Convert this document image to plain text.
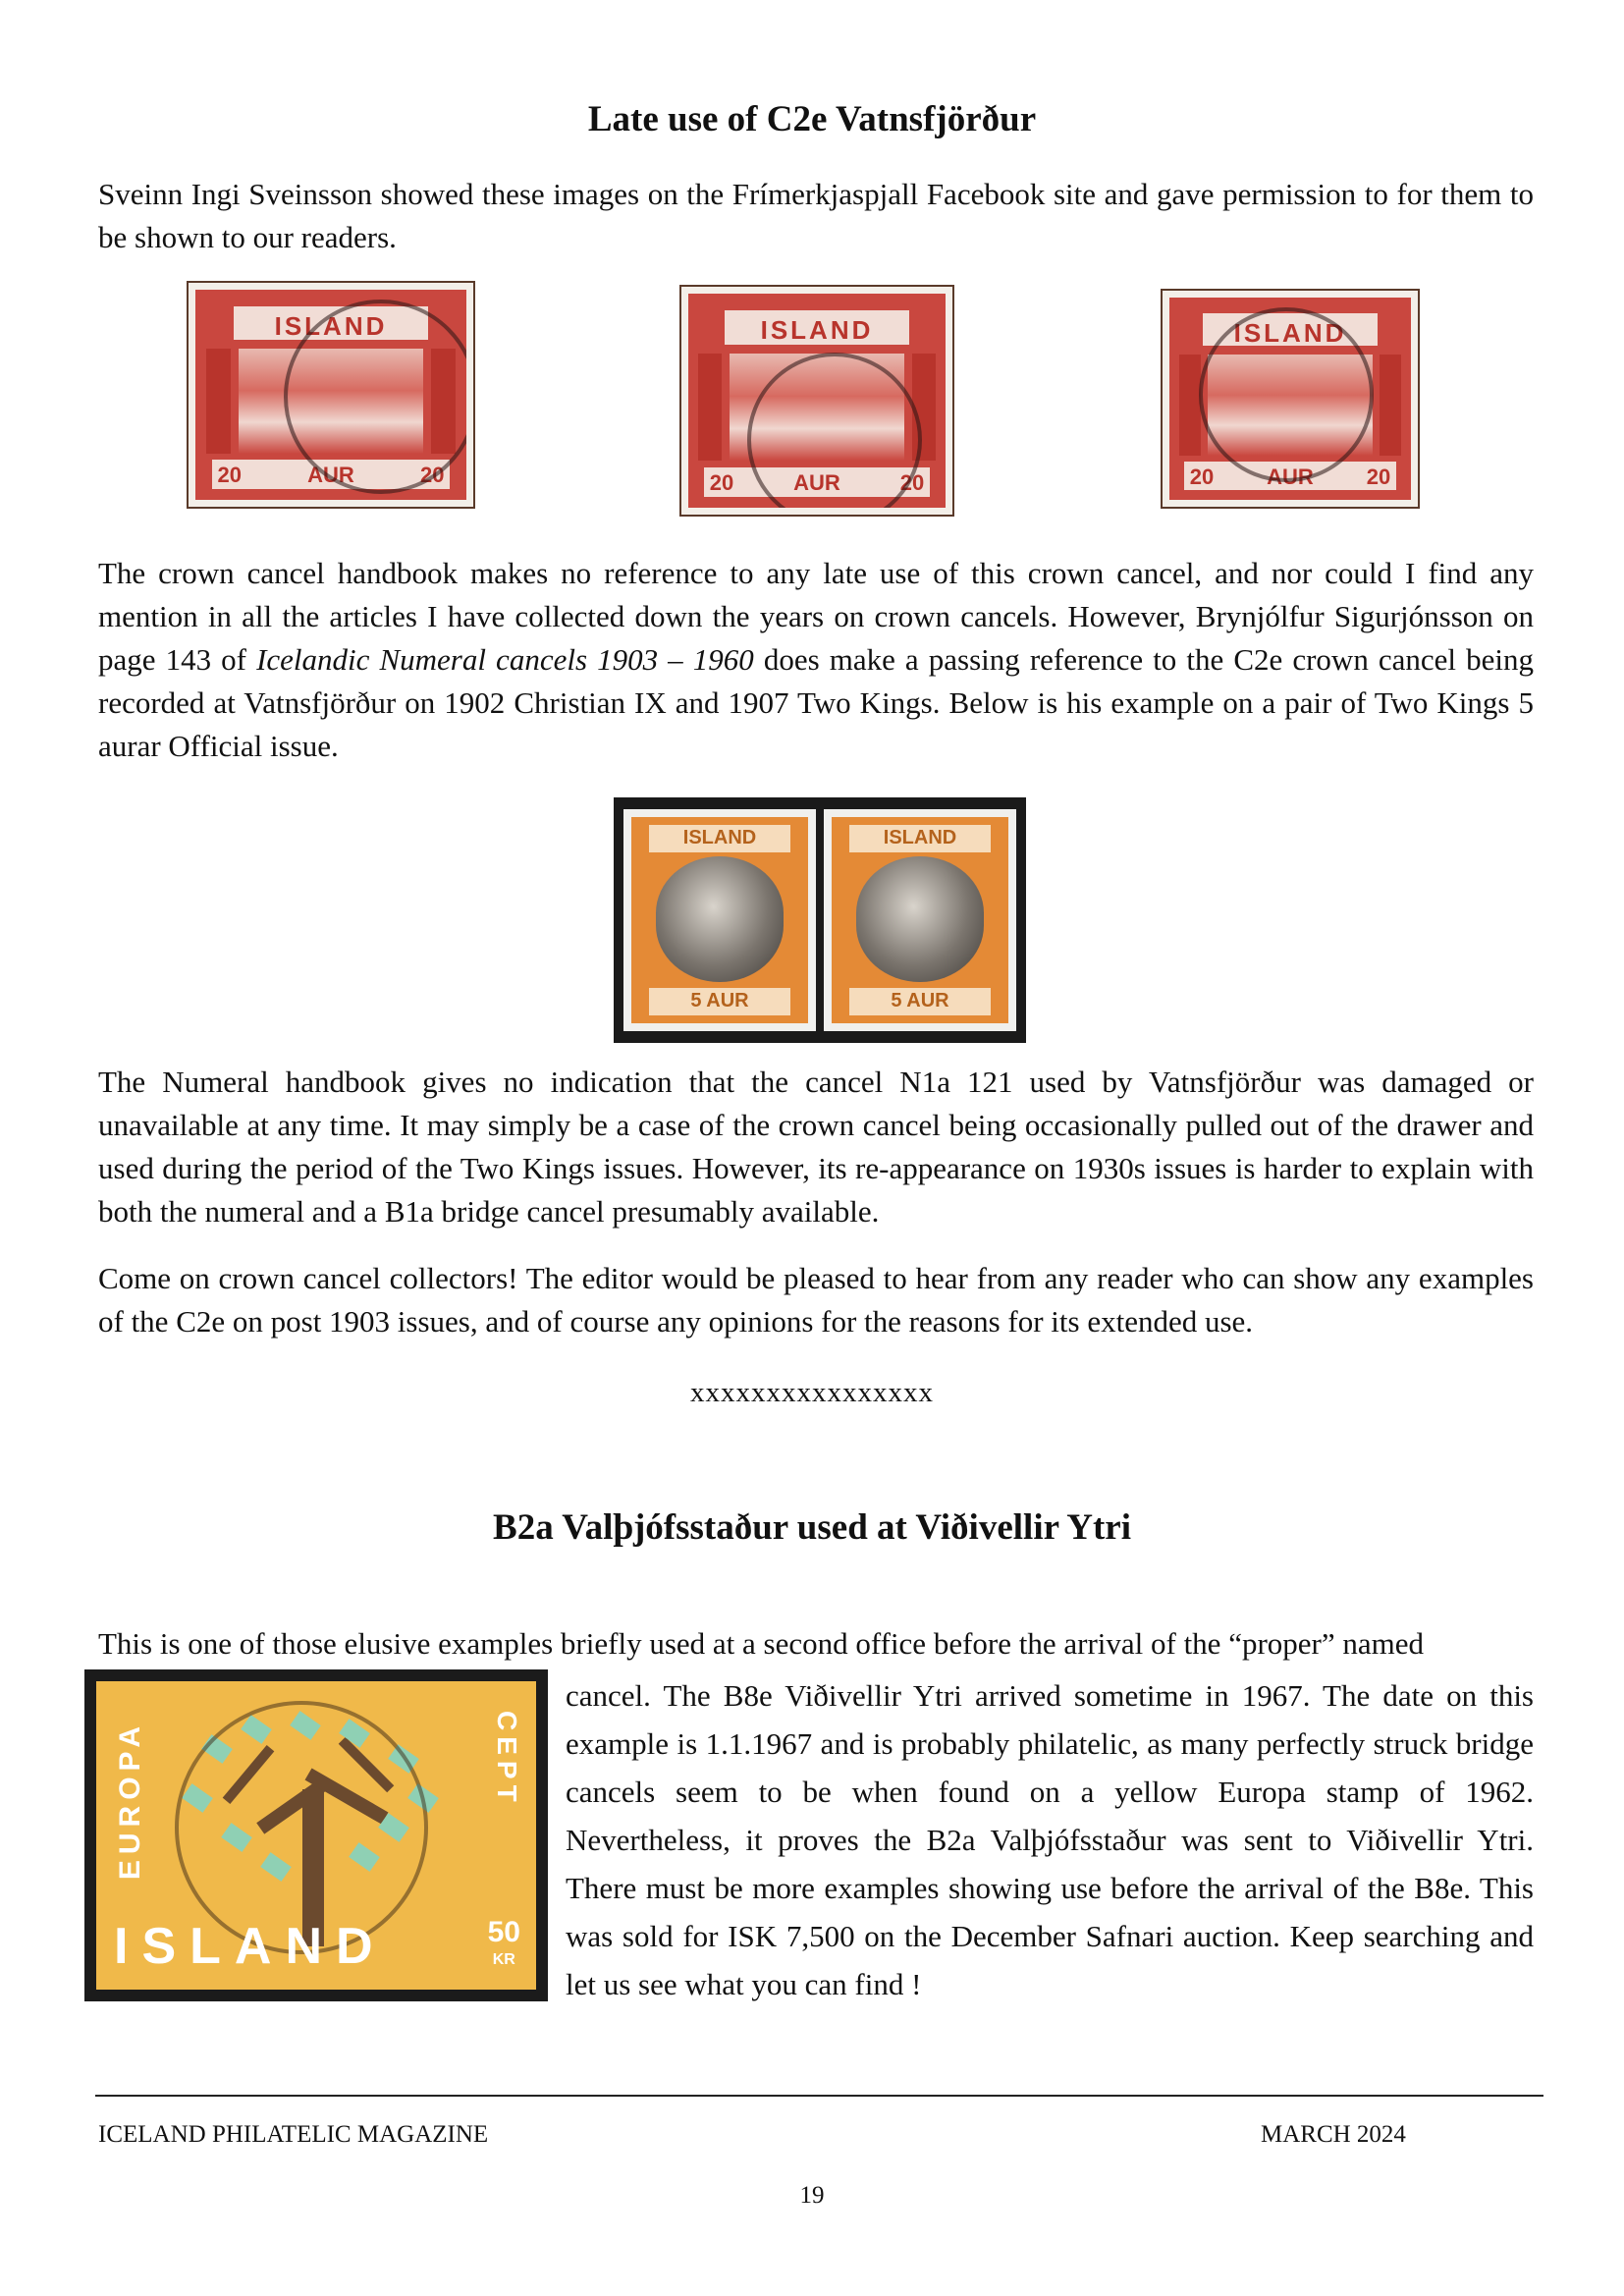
Late use of C2e Vatnsfjörður

Sveinn Ingi Sveinsson showed these images on the Frímerkjaspjall Facebook site and gave permission to for them to be shown to our readers.

ISLAND
20	AUR	20
ISLAND
20	AUR	20
ISLAND
20 AUR 20

The crown cancel handbook makes no reference to any late use of this crown cancel, and nor could I find any mention in all the articles I have collected down the years on crown cancels. However, Brynjólfur Sigurjónsson on page 143 of Icelandic Numeral cancels 1903 – 1960 does make a passing reference to the C2e crown cancel being recorded at Vatnsfjörður on 1902 Christian IX and 1907 Two Kings. Below is his example on a pair of Two Kings 5 aurar Official issue.

ISLAND
5 AUR
ISLAND
5 AUR

The Numeral handbook gives no indication that the cancel N1a 121 used by Vatnsfjörður was damaged or unavailable at any time. It may simply be a case of the crown cancel being occasionally pulled out of the drawer and used during the period of the Two Kings issues. However, its re-appearance on 1930s issues is harder to explain with both the numeral and a B1a bridge cancel presumably available.

Come on crown cancel collectors! The editor would be pleased to hear from any reader who can show any examples of the C2e on post 1903 issues, and of course any opinions for the reasons for its extended use.

xxxxxxxxxxxxxxxx
B2a Valþjófsstaður used at Viðivellir Ytri

This is one of those elusive examples briefly used at a second office before the arrival of the “proper” named

EUROPA	CEPT
ISLAND	50
KR

cancel. The B8e Viðivellir Ytri arrived sometime in 1967. The date on this example is 1.1.1967 and is probably philatelic, as many perfectly struck bridge cancels seem to be when found on a yellow Europa stamp of 1962. Nevertheless, it proves the B2a Valþjófsstaður was sent to Viðivellir Ytri. There must be more examples showing use before the arrival of the B8e. This was sold for ISK 7,500 on the December Safnari auction. Keep searching and let us see what you can find !

ICELAND PHILATELIC MAGAZINE	MARCH 2024
19
